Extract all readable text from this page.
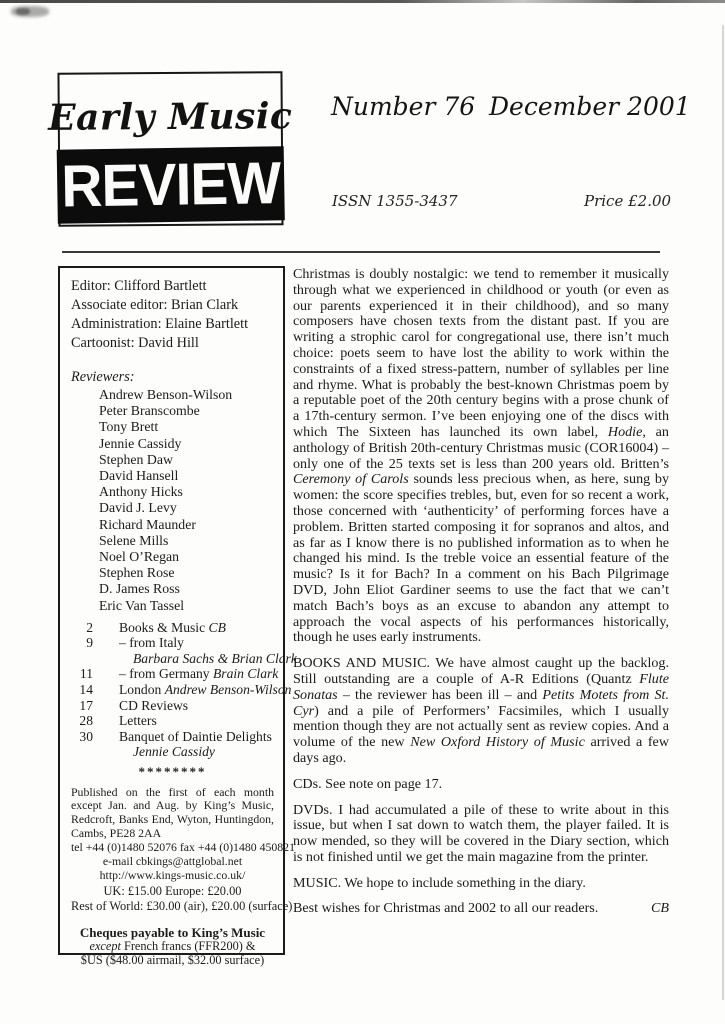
Early Music
REVIEW
Number 76 December 2001
ISSN 1355-3437	Price £2.00
Editor: Clifford Bartlett
Associate editor: Brian Clark
Administration: Elaine Bartlett
Cartoonist: David Hill
Reviewers:
Andrew Benson-Wilson
Peter Branscombe
Tony Brett
Jennie Cassidy
Stephen Daw
David Hansell
Anthony Hicks
David J. Levy
Richard Maunder
Selene Mills
Noel O’Regan
Stephen Rose
D. James Ross
Eric Van Tassel
2 Books & Music CB
9 – from Italy
Barbara Sachs & Brian Clark
11 – from Germany Brain Clark
14 London Andrew Benson-Wilson
17 CD Reviews
28 Letters
30 Banquet of Daintie Delights
Jennie Cassidy
********

Published on the first of each month except Jan. and Aug. by King’s Music, Redcroft, Banks End, Wyton, Huntingdon, Cambs, PE28 2AA

tel +44 (0)1480 52076 fax +44 (0)1480 450821
e-mail cbkings@attglobal.net
http://www.kings-music.co.uk/
UK: £15.00 Europe: £20.00
Rest of World: £30.00 (air), £20.00 (surface)
Cheques payable to King’s Music
except French francs (FFR200) &
$US ($48.00 airmail, $32.00 surface)

Christmas is doubly nostalgic: we tend to remember it musically through what we experienced in childhood or youth (or even as our parents experienced it in their childhood), and so many composers have chosen texts from the distant past. If you are writing a strophic carol for congregational use, there isn’t much choice: poets seem to have lost the ability to work within the constraints of a fixed stress-pattern, number of syllables per line and rhyme. What is probably the best-known Christmas poem by a reputable poet of the 20th century begins with a prose chunk of a 17th-century sermon. I’ve been enjoying one of the discs with which The Sixteen has launched its own label, Hodie, an anthology of British 20th-century Christmas music (COR16004) – only one of the 25 texts set is less than 200 years old. Britten’s Ceremony of Carols sounds less precious when, as here, sung by women: the score specifies trebles, but, even for so recent a work, those concerned with ‘authenticity’ of performing forces have a problem. Britten started composing it for sopranos and altos, and as far as I know there is no published information as to when he changed his mind. Is the treble voice an essential feature of the music? Is it for Bach? In a comment on his Bach Pilgrimage DVD, John Eliot Gardiner seems to use the fact that we can’t match Bach’s boys as an excuse to abandon any attempt to approach the vocal aspects of his performances historically, though he uses early instruments.

BOOKS AND MUSIC. We have almost caught up the backlog. Still outstanding are a couple of A-R Editions (Quantz Flute Sonatas – the reviewer has been ill – and Petits Motets from St. Cyr) and a pile of Performers’ Facsimiles, which I usually mention though they are not actually sent as review copies. And a volume of the new New Oxford History of Music arrived a few days ago.

CDs. See note on page 17.

DVDs. I had accumulated a pile of these to write about in this issue, but when I sat down to watch them, the player failed. It is now mended, so they will be covered in the Diary section, which is not finished until we get the main magazine from the printer.

MUSIC. We hope to include something in the diary.

CB
Best wishes for Christmas and 2002 to all our readers.
